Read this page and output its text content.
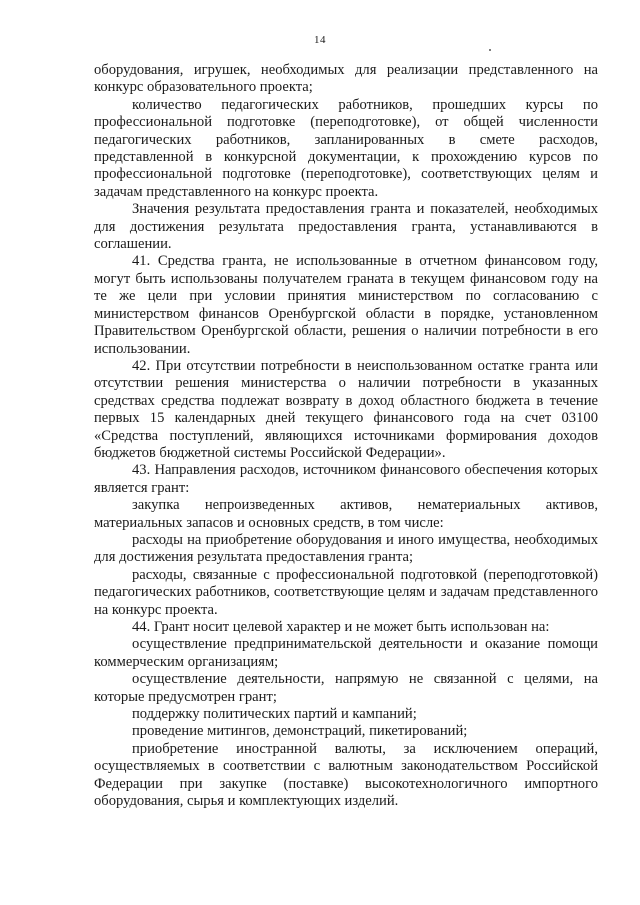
14

оборудования, игрушек, необходимых для реализации представленного на конкурс образовательного проекта;

количество педагогических работников, прошедших курсы по профессиональной подготовке (переподготовке), от общей численности педагогических работников, запланированных в смете расходов, представленной в конкурсной документации, к прохождению курсов по профессиональной подготовке (переподготовке), соответствующих целям и задачам представленного на конкурс проекта.

Значения результата предоставления гранта и показателей, необходимых для достижения результата предоставления гранта, устанавливаются в соглашении.

41. Средства гранта, не использованные в отчетном финансовом году, могут быть использованы получателем граната в текущем финансовом году на те же цели при условии принятия министерством по согласованию с министерством финансов Оренбургской области в порядке, установленном Правительством Оренбургской области, решения о наличии потребности в его использовании.

42. При отсутствии потребности в неиспользованном остатке гранта или отсутствии решения министерства о наличии потребности в указанных средствах средства подлежат возврату в доход областного бюджета в течение первых 15 календарных дней текущего финансового года на счет 03100 «Средства поступлений, являющихся источниками формирования доходов бюджетов бюджетной системы Российской Федерации».

43. Направления расходов, источником финансового обеспечения которых является грант:

закупка непроизведенных активов, нематериальных активов, материальных запасов и основных средств, в том числе:

расходы на приобретение оборудования и иного имущества, необходимых для достижения результата предоставления гранта;

расходы, связанные с профессиональной подготовкой (переподготовкой) педагогических работников, соответствующие целям и задачам представленного на конкурс проекта.

44. Грант носит целевой характер и не может быть использован на:

осуществление предпринимательской деятельности и оказание помощи коммерческим организациям;

осуществление деятельности, напрямую не связанной с целями, на которые предусмотрен грант;

поддержку политических партий и кампаний;

проведение митингов, демонстраций, пикетирований;

приобретение иностранной валюты, за исключением операций, осуществляемых в соответствии с валютным законодательством Российской Федерации при закупке (поставке) высокотехнологичного импортного оборудования, сырья и комплектующих изделий.
